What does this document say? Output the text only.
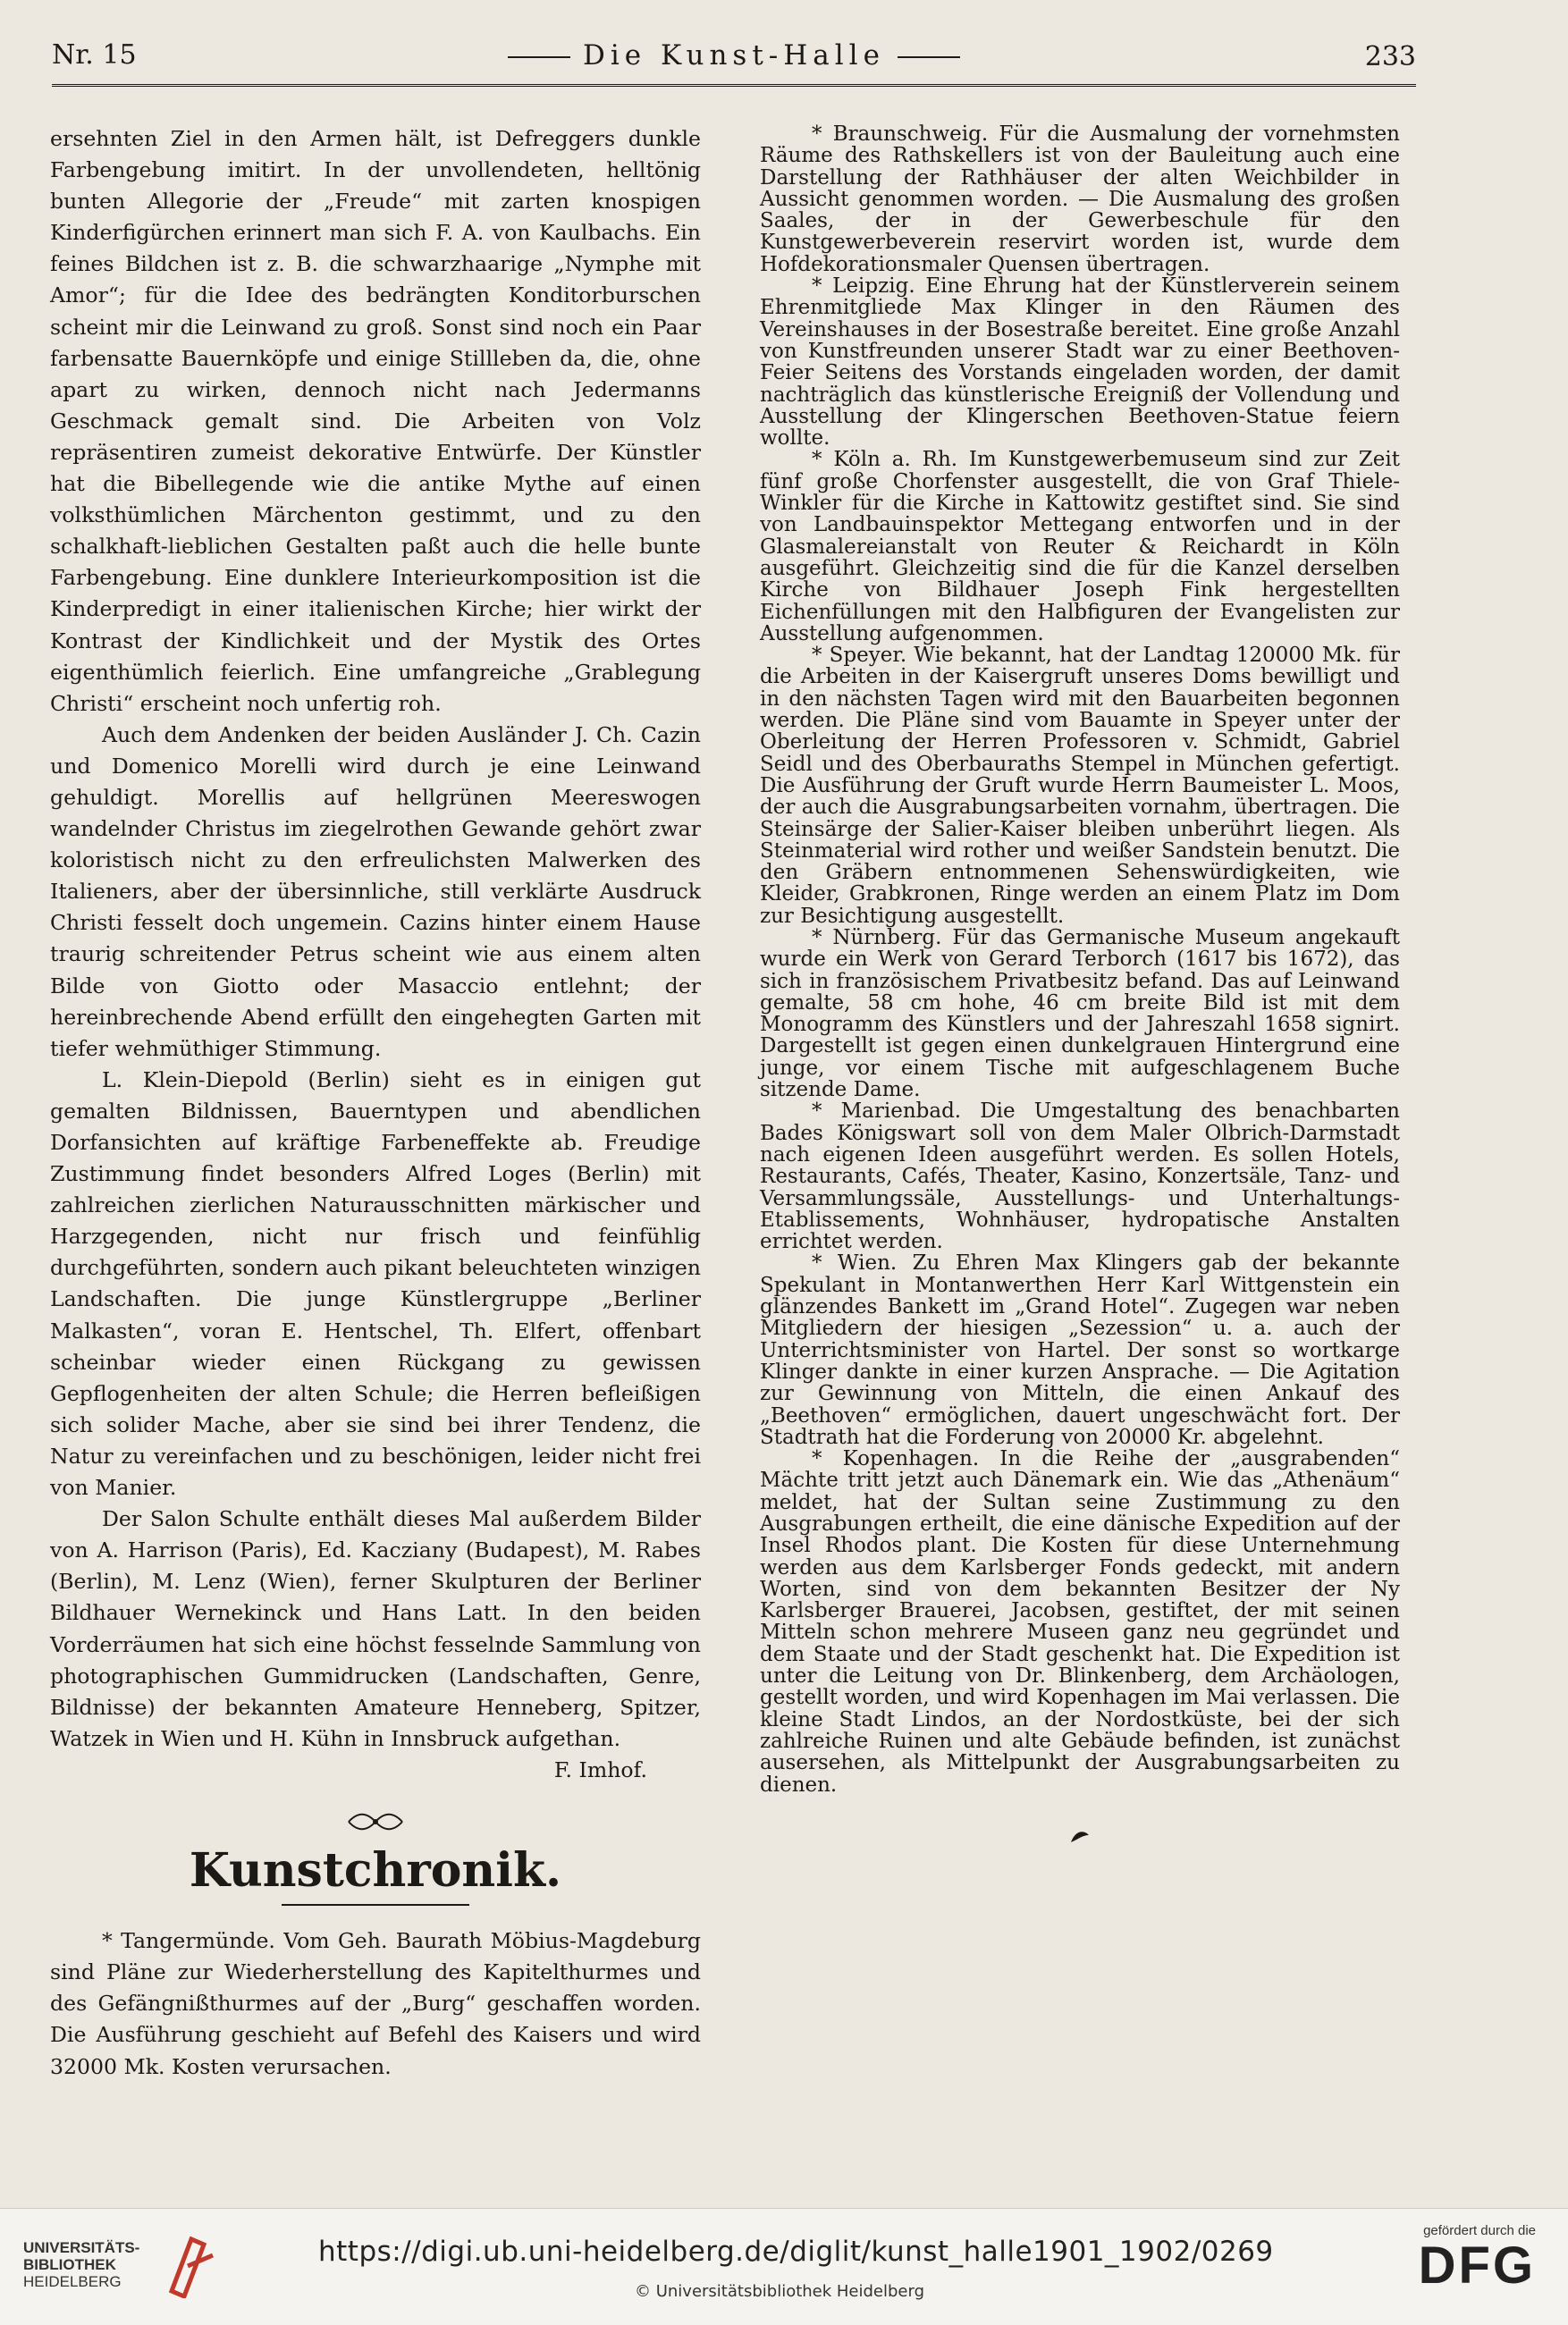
Nr. 15	Die Kunst-Halle	233

ersehnten Ziel in den Armen hält, ist Defreggers dunkle Farbengebung imitirt. In der unvollendeten, helltönig bunten Allegorie der „Freude“ mit zarten knospigen Kinderfigürchen erinnert man sich F. A. von Kaulbachs. Ein feines Bildchen ist z. B. die schwarzhaarige „Nymphe mit Amor“; für die Idee des bedrängten Konditorburschen scheint mir die Leinwand zu groß. Sonst sind noch ein Paar farbensatte Bauernköpfe und einige Stillleben da, die, ohne apart zu wirken, dennoch nicht nach Jedermanns Geschmack gemalt sind. Die Arbeiten von Volz repräsentiren zumeist dekorative Entwürfe. Der Künstler hat die Bibellegende wie die antike Mythe auf einen volksthümlichen Märchenton gestimmt, und zu den schalkhaft-lieblichen Gestalten paßt auch die helle bunte Farbengebung. Eine dunklere Interieurkomposition ist die Kinderpredigt in einer italienischen Kirche; hier wirkt der Kontrast der Kindlichkeit und der Mystik des Ortes eigenthümlich feierlich. Eine umfangreiche „Grablegung Christi“ erscheint noch unfertig roh.

Auch dem Andenken der beiden Ausländer J. Ch. Cazin und Domenico Morelli wird durch je eine Leinwand gehuldigt. Morellis auf hellgrünen Meereswogen wandelnder Christus im ziegelrothen Gewande gehört zwar koloristisch nicht zu den erfreulichsten Malwerken des Italieners, aber der übersinnliche, still verklärte Ausdruck Christi fesselt doch ungemein. Cazins hinter einem Hause traurig schreitender Petrus scheint wie aus einem alten Bilde von Giotto oder Masaccio entlehnt; der hereinbrechende Abend erfüllt den eingehegten Garten mit tiefer wehmüthiger Stimmung.

L. Klein-Diepold (Berlin) sieht es in einigen gut gemalten Bildnissen, Bauerntypen und abendlichen Dorfansichten auf kräftige Farbeneffekte ab. Freudige Zustimmung findet besonders Alfred Loges (Berlin) mit zahlreichen zierlichen Naturausschnitten märkischer und Harzgegenden, nicht nur frisch und feinfühlig durchgeführten, sondern auch pikant beleuchteten winzigen Landschaften. Die junge Künstlergruppe „Berliner Malkasten“, voran E. Hentschel, Th. Elfert, offenbart scheinbar wieder einen Rückgang zu gewissen Gepflogenheiten der alten Schule; die Herren befleißigen sich solider Mache, aber sie sind bei ihrer Tendenz, die Natur zu vereinfachen und zu beschönigen, leider nicht frei von Manier.

Der Salon Schulte enthält dieses Mal außerdem Bilder von A. Harrison (Paris), Ed. Kacziany (Budapest), M. Rabes (Berlin), M. Lenz (Wien), ferner Skulpturen der Berliner Bildhauer Wernekinck und Hans Latt. In den beiden Vorderräumen hat sich eine höchst fesselnde Sammlung von photographischen Gummidrucken (Landschaften, Genre, Bildnisse) der bekannten Amateure Henneberg, Spitzer, Watzek in Wien und H. Kühn in Innsbruck aufgethan.

F. Imhof.

Kunstchronik.

* Tangermünde. Vom Geh. Baurath Möbius-Magdeburg sind Pläne zur Wiederherstellung des Kapitelthurmes und des Gefängnißthurmes auf der „Burg“ geschaffen worden. Die Ausführung geschieht auf Befehl des Kaisers und wird 32000 Mk. Kosten verursachen.

* Braunschweig. Für die Ausmalung der vornehmsten Räume des Rathskellers ist von der Bauleitung auch eine Darstellung der Rathhäuser der alten Weichbilder in Aussicht genommen worden. — Die Ausmalung des großen Saales, der in der Gewerbeschule für den Kunstgewerbeverein reservirt worden ist, wurde dem Hofdekorationsmaler Quensen übertragen.

* Leipzig. Eine Ehrung hat der Künstlerverein seinem Ehrenmitgliede Max Klinger in den Räumen des Vereinshauses in der Bosestraße bereitet. Eine große Anzahl von Kunstfreunden unserer Stadt war zu einer Beethoven-Feier Seitens des Vorstands eingeladen worden, der damit nachträglich das künstlerische Ereigniß der Vollendung und Ausstellung der Klingerschen Beethoven-Statue feiern wollte.

* Köln a. Rh. Im Kunstgewerbemuseum sind zur Zeit fünf große Chorfenster ausgestellt, die von Graf Thiele-Winkler für die Kirche in Kattowitz gestiftet sind. Sie sind von Landbauinspektor Mettegang entworfen und in der Glasmalereianstalt von Reuter & Reichardt in Köln ausgeführt. Gleichzeitig sind die für die Kanzel derselben Kirche von Bildhauer Joseph Fink hergestellten Eichenfüllungen mit den Halbfiguren der Evangelisten zur Ausstellung aufgenommen.

* Speyer. Wie bekannt, hat der Landtag 120000 Mk. für die Arbeiten in der Kaisergruft unseres Doms bewilligt und in den nächsten Tagen wird mit den Bauarbeiten begonnen werden. Die Pläne sind vom Bauamte in Speyer unter der Oberleitung der Herren Professoren v. Schmidt, Gabriel Seidl und des Oberbauraths Stempel in München gefertigt. Die Ausführung der Gruft wurde Herrn Baumeister L. Moos, der auch die Ausgrabungsarbeiten vornahm, übertragen. Die Steinsärge der Salier-Kaiser bleiben unberührt liegen. Als Steinmaterial wird rother und weißer Sandstein benutzt. Die den Gräbern entnommenen Sehenswürdigkeiten, wie Kleider, Grabkronen, Ringe werden an einem Platz im Dom zur Besichtigung ausgestellt.

* Nürnberg. Für das Germanische Museum angekauft wurde ein Werk von Gerard Terborch (1617 bis 1672), das sich in französischem Privatbesitz befand. Das auf Leinwand gemalte, 58 cm hohe, 46 cm breite Bild ist mit dem Monogramm des Künstlers und der Jahreszahl 1658 signirt. Dargestellt ist gegen einen dunkelgrauen Hintergrund eine junge, vor einem Tische mit aufgeschlagenem Buche sitzende Dame.

* Marienbad. Die Umgestaltung des benachbarten Bades Königswart soll von dem Maler Olbrich-Darmstadt nach eigenen Ideen ausgeführt werden. Es sollen Hotels, Restaurants, Cafés, Theater, Kasino, Konzertsäle, Tanz- und Versammlungssäle, Ausstellungs- und Unterhaltungs-Etablissements, Wohnhäuser, hydropatische Anstalten errichtet werden.

* Wien. Zu Ehren Max Klingers gab der bekannte Spekulant in Montanwerthen Herr Karl Wittgenstein ein glänzendes Bankett im „Grand Hotel“. Zugegen war neben Mitgliedern der hiesigen „Sezession“ u. a. auch der Unterrichtsminister von Hartel. Der sonst so wortkarge Klinger dankte in einer kurzen Ansprache. — Die Agitation zur Gewinnung von Mitteln, die einen Ankauf des „Beethoven“ ermöglichen, dauert ungeschwächt fort. Der Stadtrath hat die Forderung von 20000 Kr. abgelehnt.

* Kopenhagen. In die Reihe der „ausgrabenden“ Mächte tritt jetzt auch Dänemark ein. Wie das „Athenäum“ meldet, hat der Sultan seine Zustimmung zu den Ausgrabungen ertheilt, die eine dänische Expedition auf der Insel Rhodos plant. Die Kosten für diese Unternehmung werden aus dem Karlsberger Fonds gedeckt, mit andern Worten, sind von dem bekannten Besitzer der Ny Karlsberger Brauerei, Jacobsen, gestiftet, der mit seinen Mitteln schon mehrere Museen ganz neu gegründet und dem Staate und der Stadt geschenkt hat. Die Expedition ist unter die Leitung von Dr. Blinkenberg, dem Archäologen, gestellt worden, und wird Kopenhagen im Mai verlassen. Die kleine Stadt Lindos, an der Nordostküste, bei der sich zahlreiche Ruinen und alte Gebäude befinden, ist zunächst ausersehen, als Mittelpunkt der Ausgrabungsarbeiten zu dienen.

UNIVERSITÄTS-
BIBLIOTHEK
HEIDELBERG
https://digi.ub.uni-heidelberg.de/diglit/kunst_halle1901_1902/0269
© Universitätsbibliothek Heidelberg
gefördert durch die
DFG
